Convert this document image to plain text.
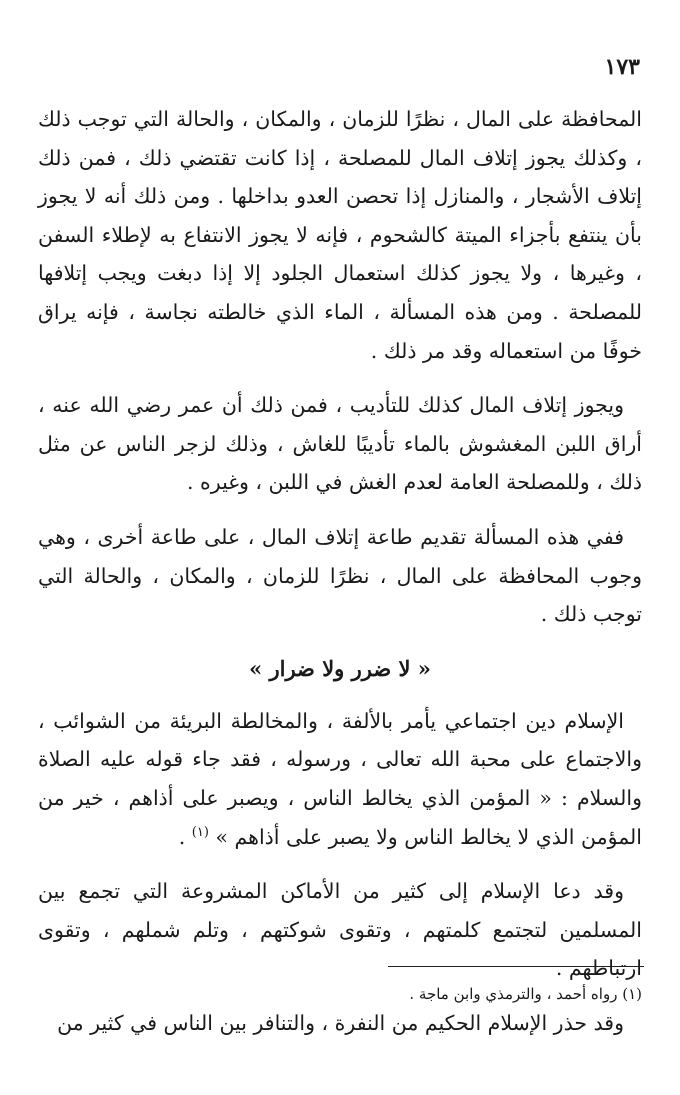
١٧٣

المحافظة على المال ، نظرًا للزمان ، والمكان ، والحالة التي توجب ذلك ، وكذلك يجوز إتلاف المال للمصلحة ، إذا كانت تقتضي ذلك ، فمن ذلك إتلاف الأشجار ، والمنازل إذا تحصن العدو بداخلها . ومن ذلك أنه لا يجوز بأن ينتفع بأجزاء الميتة كالشحوم ، فإنه لا يجوز الانتفاع به لإطلاء السفن ، وغيرها ، ولا يجوز كذلك استعمال الجلود إلا إذا دبغت ويجب إتلافها للمصلحة . ومن هذه المسألة ، الماء الذي خالطته نجاسة ، فإنه يراق خوفًا من استعماله وقد مر ذلك .

ويجوز إتلاف المال كذلك للتأديب ، فمن ذلك أن عمر رضي الله عنه ، أراق اللبن المغشوش بالماء تأديبًا للغاش ، وذلك لزجر الناس عن مثل ذلك ، وللمصلحة العامة لعدم الغش في اللبن ، وغيره .

ففي هذه المسألة تقديم طاعة إتلاف المال ، على طاعة أخرى ، وهي وجوب المحافظة على المال ، نظرًا للزمان ، والمكان ، والحالة التي توجب ذلك .

« لا ضرر ولا ضرار »

الإسلام دين اجتماعي يأمر بالألفة ، والمخالطة البريئة من الشوائب ، والاجتماع على محبة الله تعالى ، ورسوله ، فقد جاء قوله عليه الصلاة والسلام : « المؤمن الذي يخالط الناس ، ويصبر على أذاهم ، خير من المؤمن الذي لا يخالط الناس ولا يصبر على أذاهم » $^{(١)}$ .

وقد دعا الإسلام إلى كثير من الأماكن المشروعة التي تجمع بين المسلمين لتجتمع كلمتهم ، وتقوى شوكتهم ، وتلم شملهم ، وتقوى ارتباطهم .

وقد حذر الإسلام الحكيم من النفرة ، والتنافر بين الناس في كثير من

(١) رواه أحمد ، والترمذي وابن ماجة .
